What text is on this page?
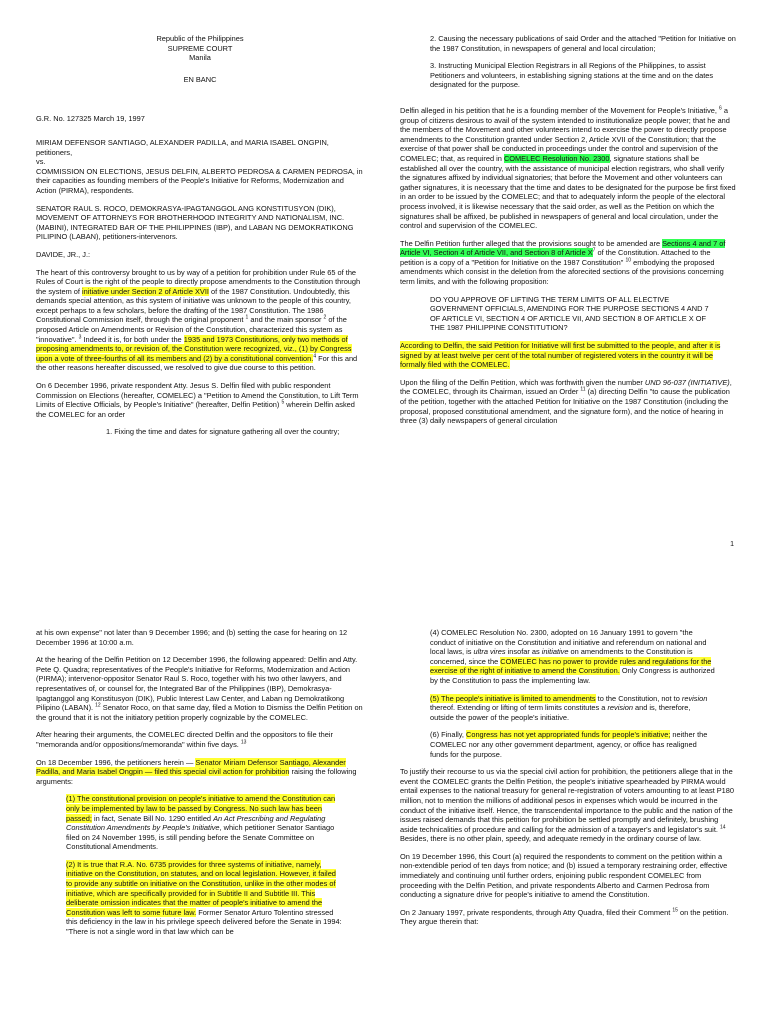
Republic of the Philippines
SUPREME COURT
Manila

EN BANC

G.R. No. 127325 March 19, 1997

MIRIAM DEFENSOR SANTIAGO, ALEXANDER PADILLA, and MARIA ISABEL ONGPIN, petitioners,

vs.

COMMISSION ON ELECTIONS, JESUS DELFIN, ALBERTO PEDROSA & CARMEN PEDROSA, in their capacities as founding members of the People's Initiative for Reforms, Modernization and Action (PIRMA), respondents.

SENATOR RAUL S. ROCO, DEMOKRASYA-IPAGTANGGOL ANG KONSTITUSYON (DIK), MOVEMENT OF ATTORNEYS FOR BROTHERHOOD INTEGRITY AND NATIONALISM, INC. (MABINI), INTEGRATED BAR OF THE PHILIPPINES (IBP), and LABAN NG DEMOKRATIKONG PILIPINO (LABAN), petitioners-intervenors.

DAVIDE, JR., J.:

The heart of this controversy brought to us by way of a petition for prohibition under Rule 65 of the Rules of Court is the right of the people to directly propose amendments to the Constitution through the system of initiative under Section 2 of Article XVII of the 1987 Constitution. Undoubtedly, this demands special attention, as this system of initiative was unknown to the people of this country, except perhaps to a few scholars, before the drafting of the 1987 Constitution. The 1986 Constitutional Commission itself, through the original proponent $^1$ and the main sponsor $^2$ of the proposed Article on Amendments or Revision of the Constitution, characterized this system as "innovative". $^3$ Indeed it is, for both under the 1935 and 1973 Constitutions, only two methods of proposing amendments to, or revision of, the Constitution were recognized, viz., (1) by Congress upon a vote of three-fourths of all its members and (2) by a constitutional convention.$^4$ For this and the other reasons hereafter discussed, we resolved to give due course to this petition.

On 6 December 1996, private respondent Atty. Jesus S. Delfin filed with public respondent Commission on Elections (hereafter, COMELEC) a "Petition to Amend the Constitution, to Lift Term Limits of Elective Officials, by People's Initiative" (hereafter, Delfin Petition) $^5$ wherein Delfin asked the COMELEC for an order

1. Fixing the time and dates for signature gathering all over the country;

2. Causing the necessary publications of said Order and the attached "Petition for Initiative on the 1987 Constitution, in newspapers of general and local circulation;

3. Instructing Municipal Election Registrars in all Regions of the Philippines, to assist Petitioners and volunteers, in establishing signing stations at the time and on the dates designated for the purpose.

Delfin alleged in his petition that he is a founding member of the Movement for People's Initiative, $^6$ a group of citizens desirous to avail of the system intended to institutionalize people power; that he and the members of the Movement and other volunteers intend to exercise the power to directly propose amendments to the Constitution granted under Section 2, Article XVII of the Constitution; that the exercise of that power shall be conducted in proceedings under the control and supervision of the COMELEC; that, as required in COMELEC Resolution No. 2300, signature stations shall be established all over the country, with the assistance of municipal election registrars, who shall verify the signatures affixed by individual signatories; that before the Movement and other volunteers can gather signatures, it is necessary that the time and dates to be designated for the purpose be first fixed in an order to be issued by the COMELEC; and that to adequately inform the people of the electoral process involved, it is likewise necessary that the said order, as well as the Petition on which the signatures shall be affixed, be published in newspapers of general and local circulation, under the control and supervision of the COMELEC.

The Delfin Petition further alleged that the provisions sought to be amended are Sections 4 and 7 of Article VI, Section 4 of Article VII, and Section 8 of Article $X^7$ of the Constitution. Attached to the petition is a copy of a "Petition for Initiative on the 1987 Constitution" $^{10}$ embodying the proposed amendments which consist in the deletion from the aforecited sections of the provisions concerning term limits, and with the following proposition:

DO YOU APPROVE OF LIFTING THE TERM LIMITS OF ALL ELECTIVE GOVERNMENT OFFICIALS, AMENDING FOR THE PURPOSE SECTIONS 4 AND 7 OF ARTICLE VI, SECTION 4 OF ARTICLE VII, AND SECTION 8 OF ARTICLE X OF THE 1987 PHILIPPINE CONSTITUTION?

According to Delfin, the said Petition for Initiative will first be submitted to the people, and after it is signed by at least twelve per cent of the total number of registered voters in the country it will be formally filed with the COMELEC.

Upon the filing of the Delfin Petition, which was forthwith given the number UND 96-037 (INITIATIVE), the COMELEC, through its Chairman, issued an Order $^{11}$ (a) directing Delfin "to cause the publication of the petition, together with the attached Petition for Initiative on the 1987 Constitution (including the proposal, proposed constitutional amendment, and the signature form), and the notice of hearing in three (3) daily newspapers of general circulation

1

at his own expense" not later than 9 December 1996; and (b) setting the case for hearing on 12 December 1996 at 10:00 a.m.

At the hearing of the Delfin Petition on 12 December 1996, the following appeared: Delfin and Atty. Pete Q. Quadra; representatives of the People's Initiative for Reforms, Modernization and Action (PIRMA); intervenor-oppositor Senator Raul S. Roco, together with his two other lawyers, and representatives of, or counsel for, the Integrated Bar of the Philippines (IBP), Demokrasya-Ipagtanggol ang Konstitusyon (DIK), Public Interest Law Center, and Laban ng Demokratikong Pilipino (LABAN). $^{12}$ Senator Roco, on that same day, filed a Motion to Dismiss the Delfin Petition on the ground that it is not the initiatory petition properly cognizable by the COMELEC.

After hearing their arguments, the COMELEC directed Delfin and the oppositors to file their "memoranda and/or oppositions/memoranda" within five days. $^{13}$

On 18 December 1996, the petitioners herein — Senator Miriam Defensor Santiago, Alexander Padilla, and Maria Isabel Ongpin — filed this special civil action for prohibition raising the following arguments:

(1) The constitutional provision on people's initiative to amend the Constitution can only be implemented by law to be passed by Congress. No such law has been passed; in fact, Senate Bill No. 1290 entitled An Act Prescribing and Regulating Constitution Amendments by People's Initiative, which petitioner Senator Santiago filed on 24 November 1995, is still pending before the Senate Committee on Constitutional Amendments.

(2) It is true that R.A. No. 6735 provides for three systems of initiative, namely, initiative on the Constitution, on statutes, and on local legislation. However, it failed to provide any subtitle on initiative on the Constitution, unlike in the other modes of initiative, which are specifically provided for in Subtitle II and Subtitle III. This deliberate omission indicates that the matter of people's initiative to amend the Constitution was left to some future law. Former Senator Arturo Tolentino stressed this deficiency in the law in his privilege speech delivered before the Senate in 1994: "There is not a single word in that law which can be

(4) COMELEC Resolution No. 2300, adopted on 16 January 1991 to govern "the conduct of initiative on the Constitution and initiative and referendum on national and local laws, is ultra vires insofar as initiative on amendments to the Constitution is concerned, since the COMELEC has no power to provide rules and regulations for the exercise of the right of initiative to amend the Constitution. Only Congress is authorized by the Constitution to pass the implementing law.

(5) The people's initiative is limited to amendments to the Constitution, not to revision thereof. Extending or lifting of term limits constitutes a revision and is, therefore, outside the power of the people's initiative.

(6) Finally, Congress has not yet appropriated funds for people's initiative; neither the COMELEC nor any other government department, agency, or office has realigned funds for the purpose.

To justify their recourse to us via the special civil action for prohibition, the petitioners allege that in the event the COMELEC grants the Delfin Petition, the people's initiative spearheaded by PIRMA would entail expenses to the national treasury for general re-registration of voters amounting to at least P180 million, not to mention the millions of additional pesos in expenses which would be incurred in the conduct of the initiative itself. Hence, the transcendental importance to the public and the nation of the issues raised demands that this petition for prohibition be settled promptly and definitely, brushing aside technicalities of procedure and calling for the admission of a taxpayer's and legislator's suit. $^{14}$ Besides, there is no other plain, speedy, and adequate remedy in the ordinary course of law.

On 19 December 1996, this Court (a) required the respondents to comment on the petition within a non-extendible period of ten days from notice; and (b) issued a temporary restraining order, effective immediately and continuing until further orders, enjoining public respondent COMELEC from proceeding with the Delfin Petition, and private respondents Alberto and Carmen Pedrosa from conducting a signature drive for people's initiative to amend the Constitution.

On 2 January 1997, private respondents, through Atty Quadra, filed their Comment $^{15}$ on the petition. They argue therein that:
